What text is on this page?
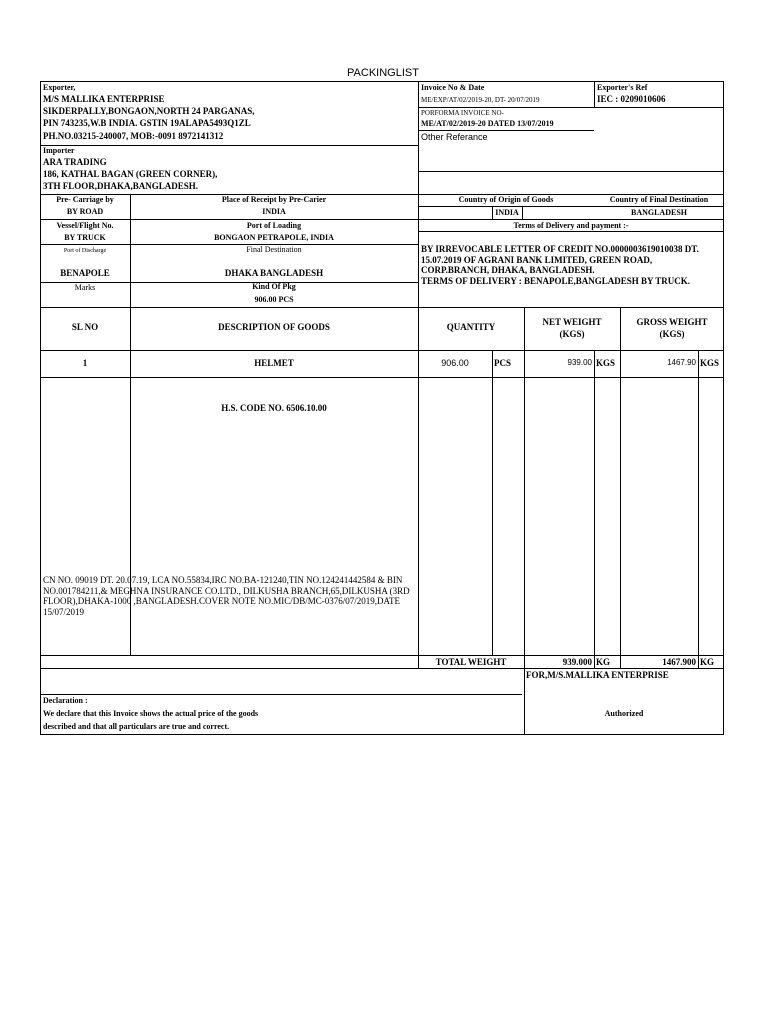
PACKINGLIST
Exporter,
M/S MALLIKA ENTERPRISE
SIKDERPALLY,BONGAON,NORTH 24 PARGANAS,
PIN 743235,W.B INDIA. GSTIN 19ALAPA5493Q1ZL
PH.NO.03215-240007, MOB:-0091 8972141312
Invoice No & Date
ME/EXP/AT/02/2019-20, DT- 20/07/2019
PORFORMA INVOICE NO-
ME/AT/02/2019-20 DATED 13/07/2019
Other Referance
Exporter's Ref
IEC : 0209010606
Importer
ARA TRADING
186, KATHAL BAGAN (GREEN CORNER),
3TH FLOOR,DHAKA,BANGLADESH.
Pre- Carriage by
BY ROAD
Place of Receipt by Pre-Carier
INDIA
Vessel/Flight No.
BY TRUCK
Port of Loading
BONGAON PETRAPOLE, INDIA
Port of Discharge
BENAPOLE
Final Destination
DHAKA BANGLADESH
Marks	Kind Of Pkg
906.00 PCS
Country of Origin of Goods	Country of Final Destination
INDIA	BANGLADESH
Terms of Delivery and payment :-
BY IRREVOCABLE LETTER OF CREDIT NO.0000003619010038 DT.
15.07.2019 OF AGRANI BANK LIMITED, GREEN ROAD,
CORP.BRANCH, DHAKA, BANGLADESH.
TERMS OF DELIVERY : BENAPOLE,BANGLADESH BY TRUCK.
SL NO	DESCRIPTION OF GOODS	QUANTITY	NET WEIGHT
(KGS)
GROSS WEIGHT
(KGS)
1	HELMET	906.00	PCS	939.00 KGS	1467.90 KGS
H.S. CODE NO. 6506.10.00
CN NO. 09019 DT. 20.07.19, LCA NO.55834,IRC NO.BA-121240,TIN NO.124241442584 & BIN NO.001784211,& MEGHNA INSURANCE CO.LTD., DILKUSHA BRANCH,65,DILKUSHA (3RD FLOOR),DHAKA-1000 ,BANGLADESH.COVER NOTE NO.MIC/DB/MC-0376/07/2019,DATE 15/07/2019
TOTAL WEIGHT	939.000 KG	1467.900 KG
FOR,M/S.MALLIKA ENTERPRISE
Authorized
Declaration :
We declare that this Invoice shows the actual price of the goods
described and that all particulars are true and correct.
